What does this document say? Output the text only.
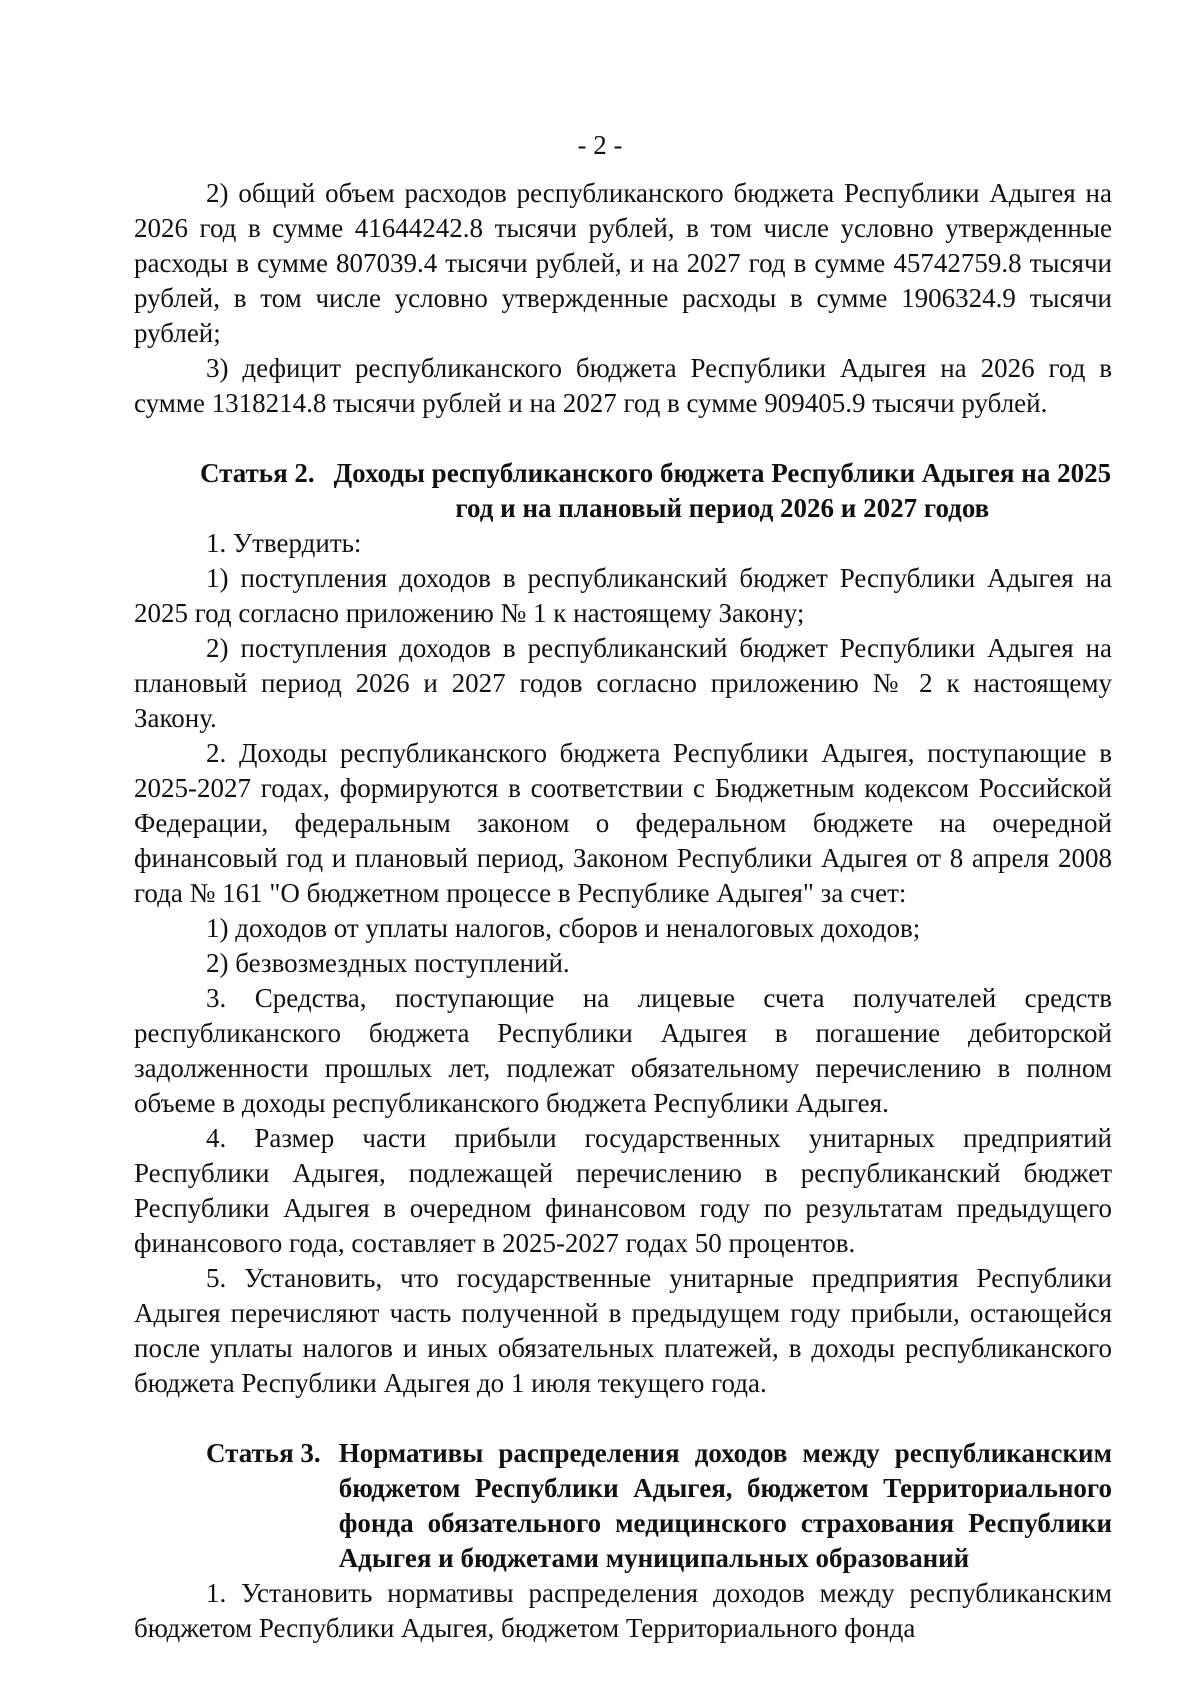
- 2 -

2) общий объем расходов республиканского бюджета Республики Адыгея на 2026 год в сумме 41644242.8 тысячи рублей, в том числе условно утвержденные расходы в сумме 807039.4 тысячи рублей, и на 2027 год в сумме 45742759.8 тысячи рублей, в том числе условно утвержденные расходы в сумме 1906324.9 тысячи рублей;

3) дефицит республиканского бюджета Республики Адыгея на 2026 год в сумме 1318214.8 тысячи рублей и на 2027 год в сумме 909405.9 тысячи рублей.

Статья 2. Доходы республиканского бюджета Республики Адыгея на 2025 год и на плановый период 2026 и 2027 годов

1. Утвердить:

1) поступления доходов в республиканский бюджет Республики Адыгея на 2025 год согласно приложению № 1 к настоящему Закону;

2) поступления доходов в республиканский бюджет Республики Адыгея на плановый период 2026 и 2027 годов согласно приложению № 2 к настоящему Закону.

2. Доходы республиканского бюджета Республики Адыгея, поступающие в 2025-2027 годах, формируются в соответствии с Бюджетным кодексом Российской Федерации, федеральным законом о федеральном бюджете на очередной финансовый год и плановый период, Законом Республики Адыгея от 8 апреля 2008 года № 161 "О бюджетном процессе в Республике Адыгея" за счет:

1) доходов от уплаты налогов, сборов и неналоговых доходов;

2) безвозмездных поступлений.

3. Средства, поступающие на лицевые счета получателей средств республиканского бюджета Республики Адыгея в погашение дебиторской задолженности прошлых лет, подлежат обязательному перечислению в полном объеме в доходы республиканского бюджета Республики Адыгея.

4. Размер части прибыли государственных унитарных предприятий Республики Адыгея, подлежащей перечислению в республиканский бюджет Республики Адыгея в очередном финансовом году по результатам предыдущего финансового года, составляет в 2025-2027 годах 50 процентов.

5. Установить, что государственные унитарные предприятия Республики Адыгея перечисляют часть полученной в предыдущем году прибыли, остающейся после уплаты налогов и иных обязательных платежей, в доходы республиканского бюджета Республики Адыгея до 1 июля текущего года.

Статья 3. Нормативы распределения доходов между республиканским бюджетом Республики Адыгея, бюджетом Территориального фонда обязательного медицинского страхования Республики Адыгея и бюджетами муниципальных образований

1. Установить нормативы распределения доходов между республиканским бюджетом Республики Адыгея, бюджетом Территориального фонда
